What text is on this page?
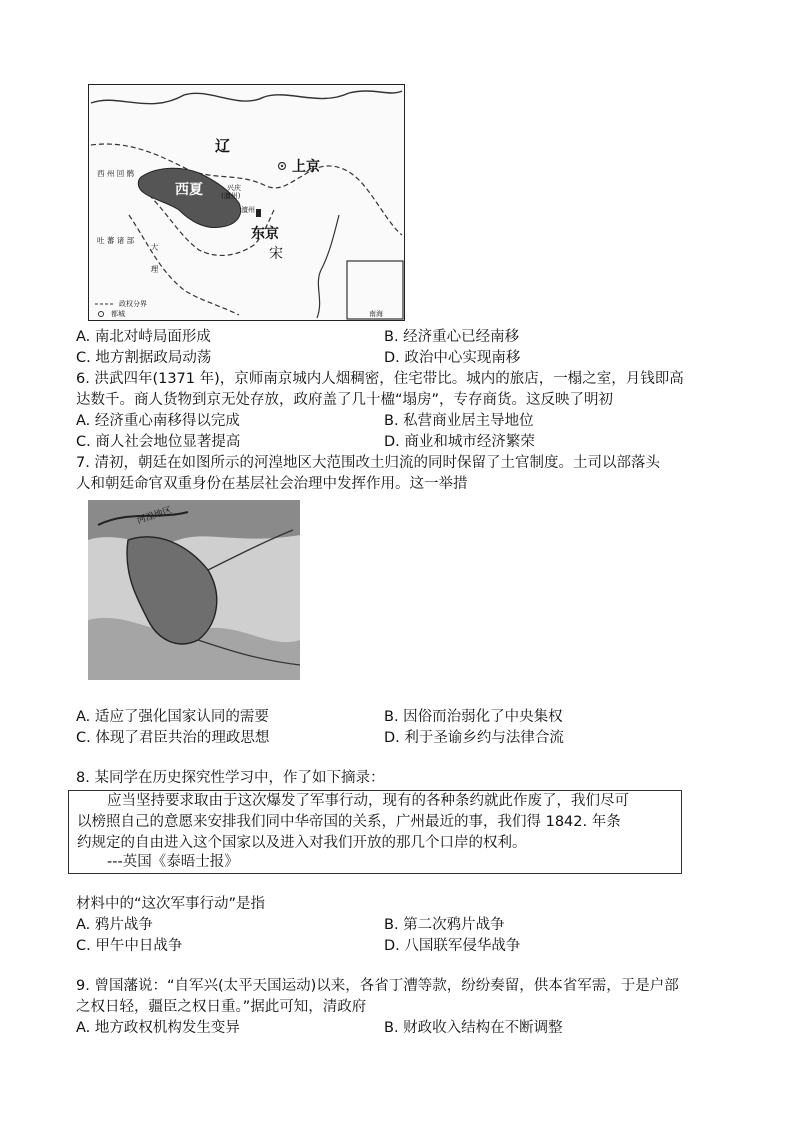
辽
上京
西 州 回 鹘
西夏	兴庆
(澶州)
澶州
吐 蕃 诸 部	东京
宋
大 理
政权分界
都城	南海
A. 南北对峙局面形成	B. 经济重心已经南移
C. 地方割据政局动荡	D. 政治中心实现南移
6. 洪武四年(1371 年)，京师南京城内人烟稠密，住宅带比。城内的旅店，一榻之室，月钱即高
达数千。商人货物到京无处存放，政府盖了几十楹“塌房”，专存商货。这反映了明初
A. 经济重心南移得以完成	B. 私营商业居主导地位
C. 商人社会地位显著提高	D. 商业和城市经济繁荣
7. 清初，朝廷在如图所示的河湟地区大范围改土归流的同时保留了土官制度。土司以部落头
人和朝廷命官双重身份在基层社会治理中发挥作用。这一举措
河湟地区
A. 适应了强化国家认同的需要	B. 因俗而治弱化了中央集权
C. 体现了君臣共治的理政思想	D. 利于圣谕乡约与法律合流
8. 某同学在历史探究性学习中，作了如下摘录：
应当坚持要求取由于这次爆发了军事行动，现有的各种条约就此作废了，我们尽可
以榜照自己的意愿来安排我们同中华帝国的关系，广州最近的事，我们得 1842. 年条
约规定的自由进入这个国家以及进入对我们开放的那几个口岸的权利。
---英国《泰晤士报》
材料中的“这次军事行动”是指
A. 鸦片战争	B. 第二次鸦片战争
C. 甲午中日战争	D. 八国联军侵华战争
9. 曾国藩说：“自军兴(太平天国运动)以来，各省丁漕等款，纷纷奏留，供本省军需，于是户部
之权日轻，疆臣之权日重。”据此可知，清政府
A. 地方政权机构发生变异	B. 财政收入结构在不断调整
